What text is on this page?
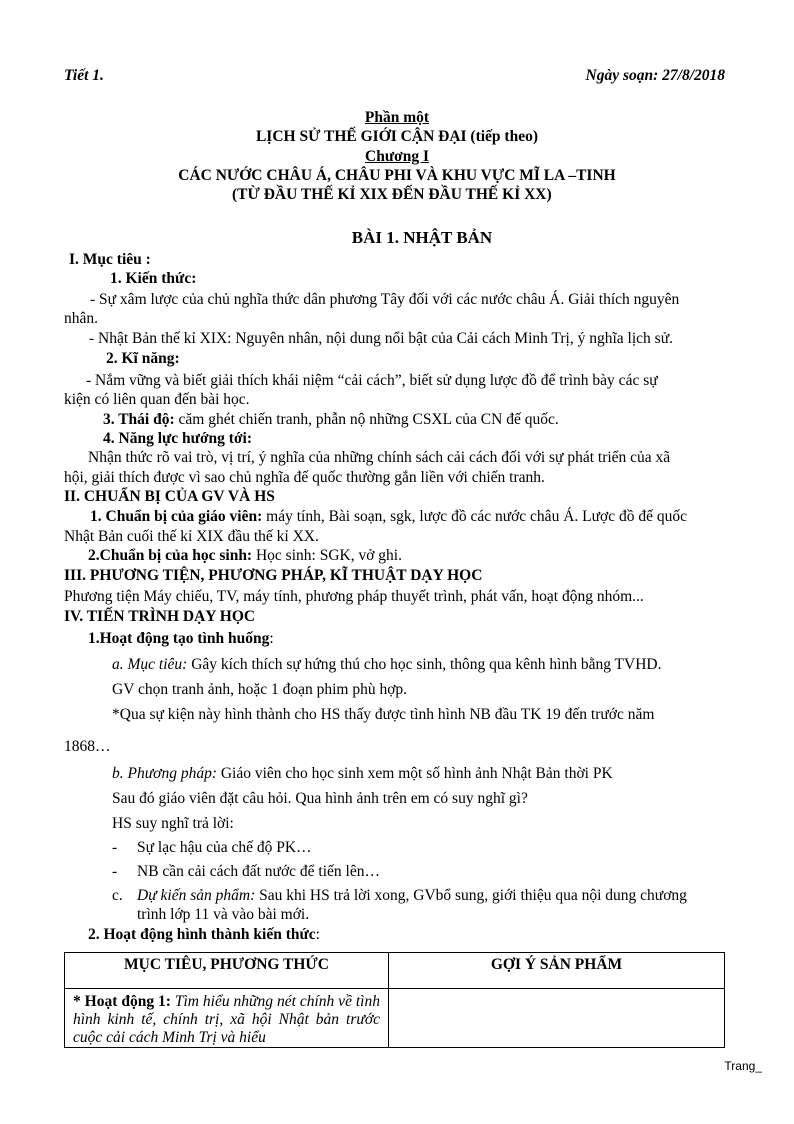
Tiết 1.	Ngày soạn: 27/8/2018
Phần một
LỊCH SỬ THẾ GIỚI CẬN ĐẠI (tiếp theo)
Chương I
CÁC NƯỚC CHÂU Á, CHÂU PHI VÀ KHU VỰC MĨ LA –TINH
(TỪ ĐẦU THẾ KỈ XIX ĐẾN ĐẦU THẾ KỈ XX)
BÀI 1. NHẬT BẢN
I. Mục tiêu :
1. Kiến thức:
- Sự xâm lược của chủ nghĩa thức dân phương Tây đối với các nước châu Á. Giải thích nguyên
nhân.
- Nhật Bản thế kỉ XIX: Nguyên nhân, nội dung nổi bật của Cải cách Minh Trị, ý nghĩa lịch sử.
2. Kĩ năng:
- Nắm vững và biết giải thích khái niệm “cải cách”, biết sử dụng lược đồ để trình bày các sự
kiện có liên quan đến bài học.
3. Thái độ: căm ghét chiến tranh, phẫn nộ những CSXL của CN đế quốc.
4. Năng lực hướng tới:
Nhận thức rõ vai trò, vị trí, ý nghĩa của những chính sách cải cách đối với sự phát triển của xã
hội, giải thích được vì sao chủ nghĩa đế quốc thường gắn liền với chiến tranh.
II. CHUẨN BỊ CỦA GV VÀ HS
1. Chuẩn bị của giáo viên: máy tính, Bài soạn, sgk, lược đồ các nước châu Á. Lược đồ đế quốc
Nhật Bản cuối thế kỉ XIX đầu thế kỉ XX.
2.Chuẩn bị của học sinh: Học sinh: SGK, vở ghi.
III. PHƯƠNG TIỆN, PHƯƠNG PHÁP, KĨ THUẬT DẠY HỌC
Phương tiện Máy chiếu, TV, máy tính, phương pháp thuyết trình, phát vấn, hoạt động nhóm...
IV. TIẾN TRÌNH DẠY HỌC
1.Hoạt động tạo tình huống:
a. Mục tiêu: Gây kích thích sự hứng thú cho học sinh, thông qua kênh hình bằng TVHD.
GV chọn tranh ảnh, hoặc 1 đoạn phim phù hợp.
*Qua sự kiện này hình thành cho HS thấy được tình hình NB đầu TK 19 đến trước năm
1868…
b. Phương pháp: Giáo viên cho học sinh xem một số hình ảnh Nhật Bản thời PK
Sau đó giáo viên đặt câu hỏi. Qua hình ảnh trên em có suy nghĩ gì?
HS suy nghĩ trả lời:
- Sự lạc hậu của chế độ PK…
- NB cần cải cách đất nước để tiến lên…
c. Dự kiến sản phẩm: Sau khi HS trả lời xong, GVbổ sung, giới thiệu qua nội dung chương
trình lớp 11 và vào bài mới.
2. Hoạt động hình thành kiến thức:
MỤC TIÊU, PHƯƠNG THỨC	GỢI Ý SẢN PHẨM
* Hoạt động 1: Tìm hiểu những nét chính về tình hình kinh tế, chính trị, xã hội Nhật bản trước cuộc cải cách Minh Trị và hiểu	
Trang_
